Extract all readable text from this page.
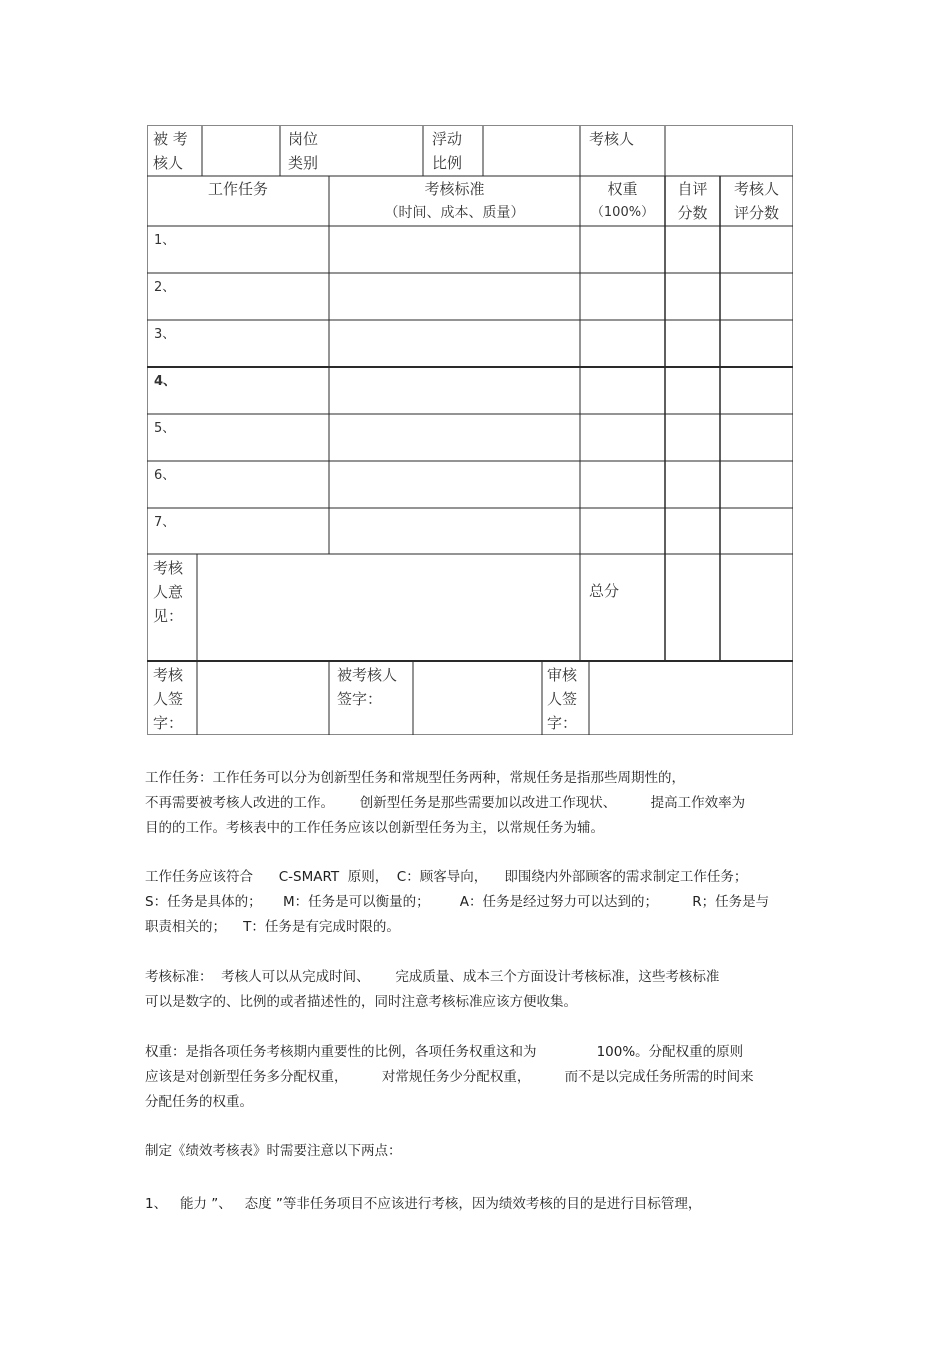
被 考
核人
岗位
类别
浮动
比例
考核人
工作任务	考核标准
（时间、成本、质量）
权重
（100%）
自评
分数
考核人
评分数
1、
2、
3、
4、
5、
6、
7、
考核
人意
见：
总分
考核
人签
字：
被考核人
签字：
审核
人签
字：

工作任务：工作任务可以分为创新型任务和常规型任务两种，常规任务是指那些周期性的，

不再需要被考核人改进的工作。      创新型任务是那些需要加以改进工作现状、        提高工作效率为

目的的工作。考核表中的工作任务应该以创新型任务为主，以常规任务为辅。

工作任务应该符合      C-SMART  原则，  C：顾客导向，    即围绕内外部顾客的需求制定工作任务；

S：任务是具体的；     M：任务是可以衡量的；       A：任务是经过努力可以达到的；        R；任务是与

职责相关的；    T：任务是有完成时限的。

考核标准：  考核人可以从完成时间、      完成质量、成本三个方面设计考核标准，这些考核标准

可以是数字的、比例的或者描述性的，同时注意考核标准应该方便收集。

权重：是指各项任务考核期内重要性的比例，各项任务权重这和为              100%。分配权重的原则

应该是对创新型任务多分配权重，        对常规任务少分配权重，        而不是以完成任务所需的时间来

分配任务的权重。

制定《绩效考核表》时需要注意以下两点：

1、   能力 ”、   态度 ”等非任务项目不应该进行考核，因为绩效考核的目的是进行目标管理，
